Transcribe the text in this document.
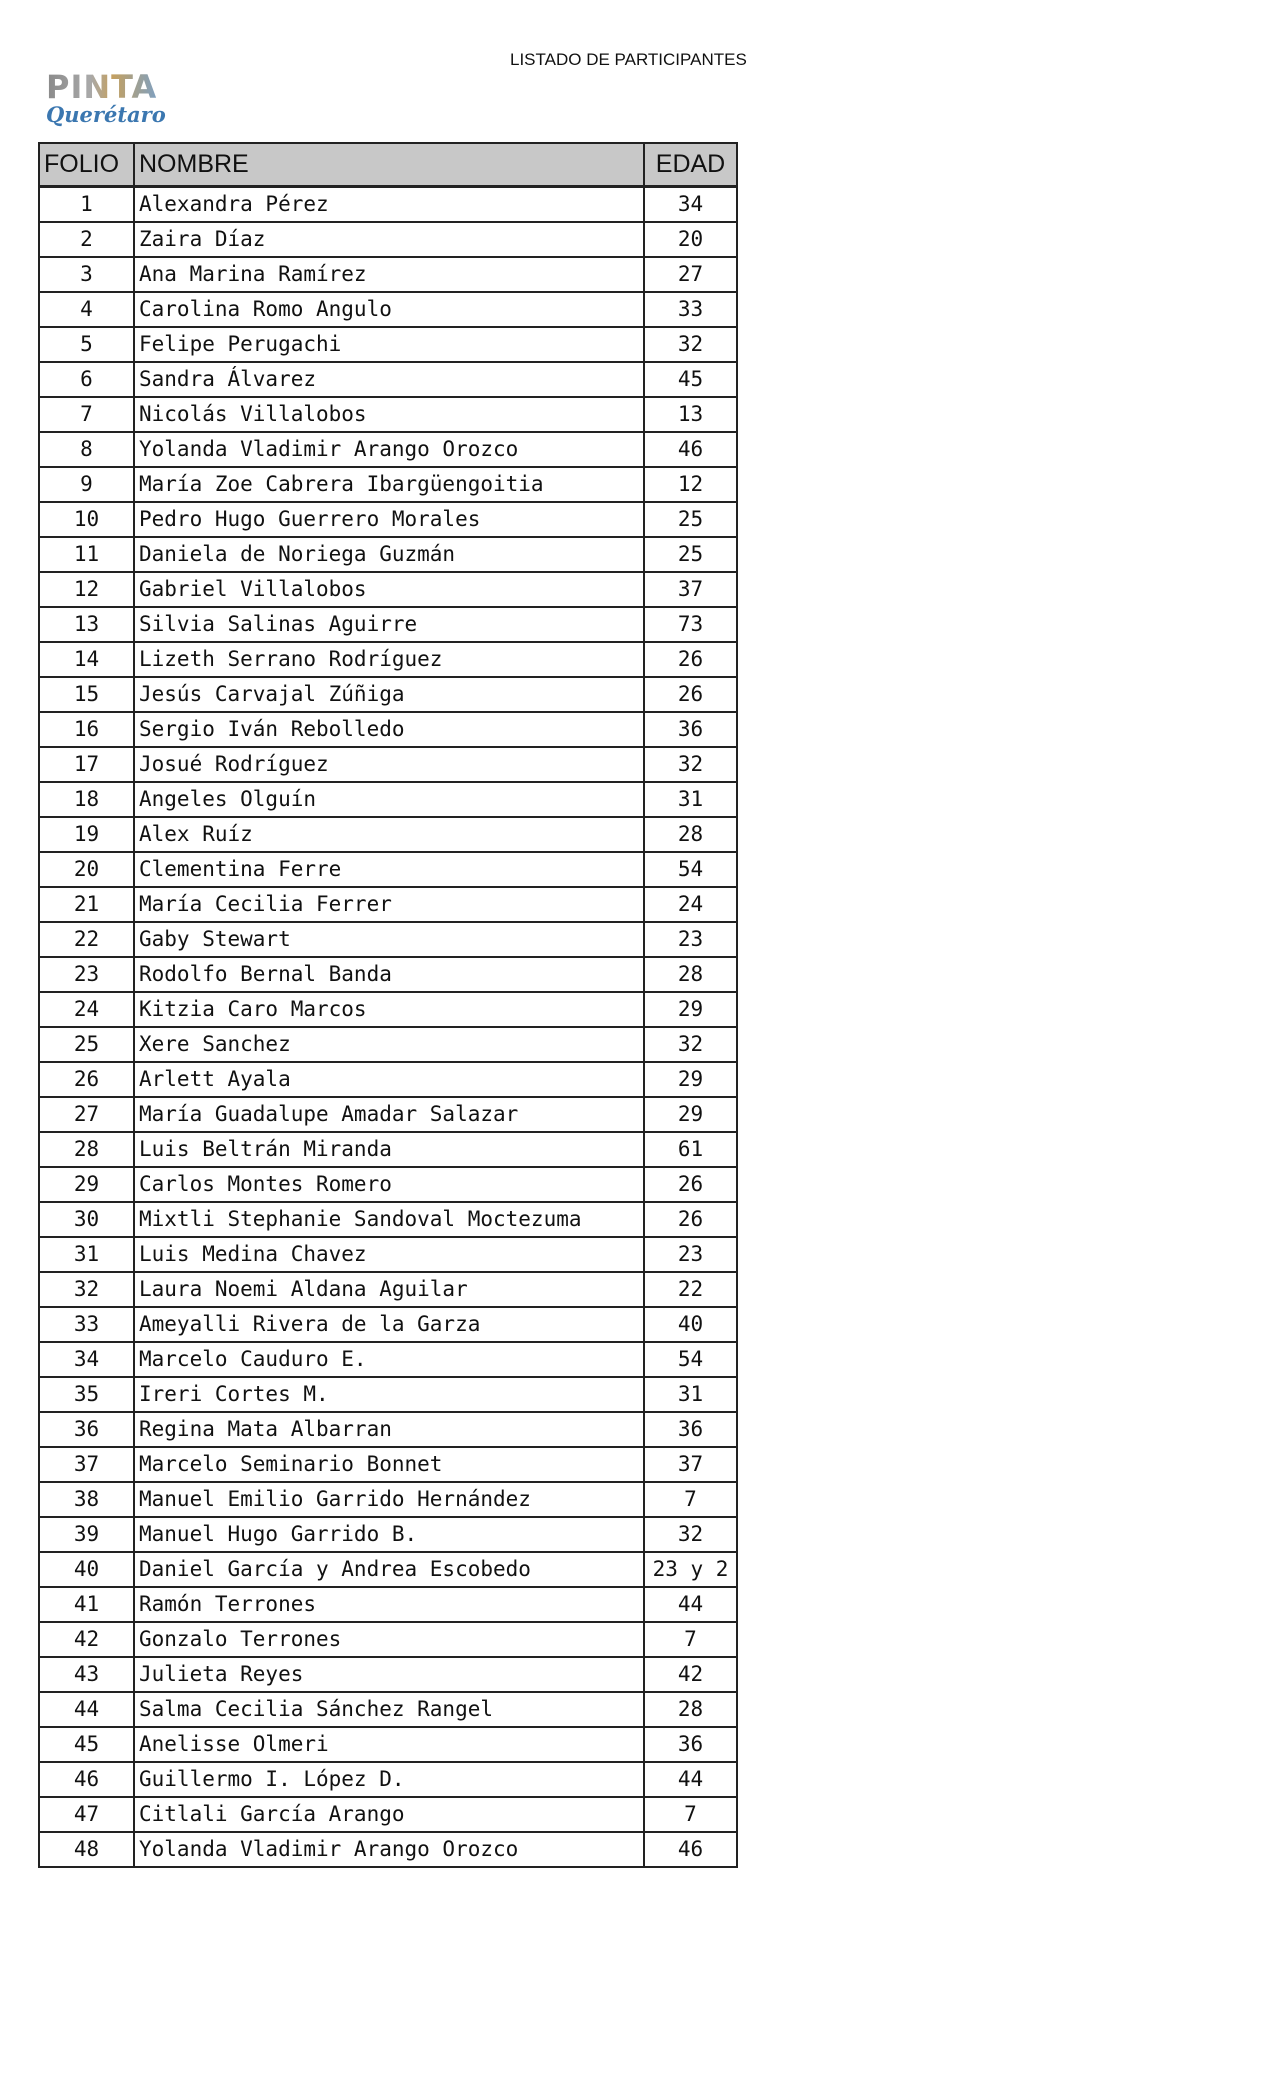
PINTA
Querétaro
LISTADO DE PARTICIPANTES
FOLIO	NOMBRE	EDAD
1	Alexandra Pérez	34
2	Zaira Díaz	20
3	Ana Marina Ramírez	27
4	Carolina Romo Angulo	33
5	Felipe Perugachi	32
6	Sandra Álvarez	45
7	Nicolás Villalobos	13
8	Yolanda Vladimir Arango Orozco	46
9	María Zoe Cabrera Ibargüengoitia	12
10	Pedro Hugo Guerrero Morales	25
11	Daniela de Noriega Guzmán	25
12	Gabriel Villalobos	37
13	Silvia Salinas Aguirre	73
14	Lizeth Serrano Rodríguez	26
15	Jesús Carvajal Zúñiga	26
16	Sergio Iván Rebolledo	36
17	Josué Rodríguez	32
18	Angeles Olguín	31
19	Alex Ruíz	28
20	Clementina Ferre	54
21	María Cecilia Ferrer	24
22	Gaby Stewart	23
23	Rodolfo Bernal Banda	28
24	Kitzia Caro Marcos	29
25	Xere Sanchez	32
26	Arlett Ayala	29
27	María Guadalupe Amadar Salazar	29
28	Luis Beltrán Miranda	61
29	Carlos Montes Romero	26
30	Mixtli Stephanie Sandoval Moctezuma	26
31	Luis Medina Chavez	23
32	Laura Noemi Aldana Aguilar	22
33	Ameyalli Rivera de la Garza	40
34	Marcelo Cauduro E.	54
35	Ireri Cortes M.	31
36	Regina Mata Albarran	36
37	Marcelo Seminario Bonnet	37
38	Manuel Emilio Garrido Hernández	7
39	Manuel Hugo Garrido B.	32
40	Daniel García y Andrea Escobedo	23 y 2
41	Ramón Terrones	44
42	Gonzalo Terrones	7
43	Julieta Reyes	42
44	Salma Cecilia Sánchez Rangel	28
45	Anelisse Olmeri	36
46	Guillermo I. López D.	44
47	Citlali García Arango	7
48	Yolanda Vladimir Arango Orozco	46
